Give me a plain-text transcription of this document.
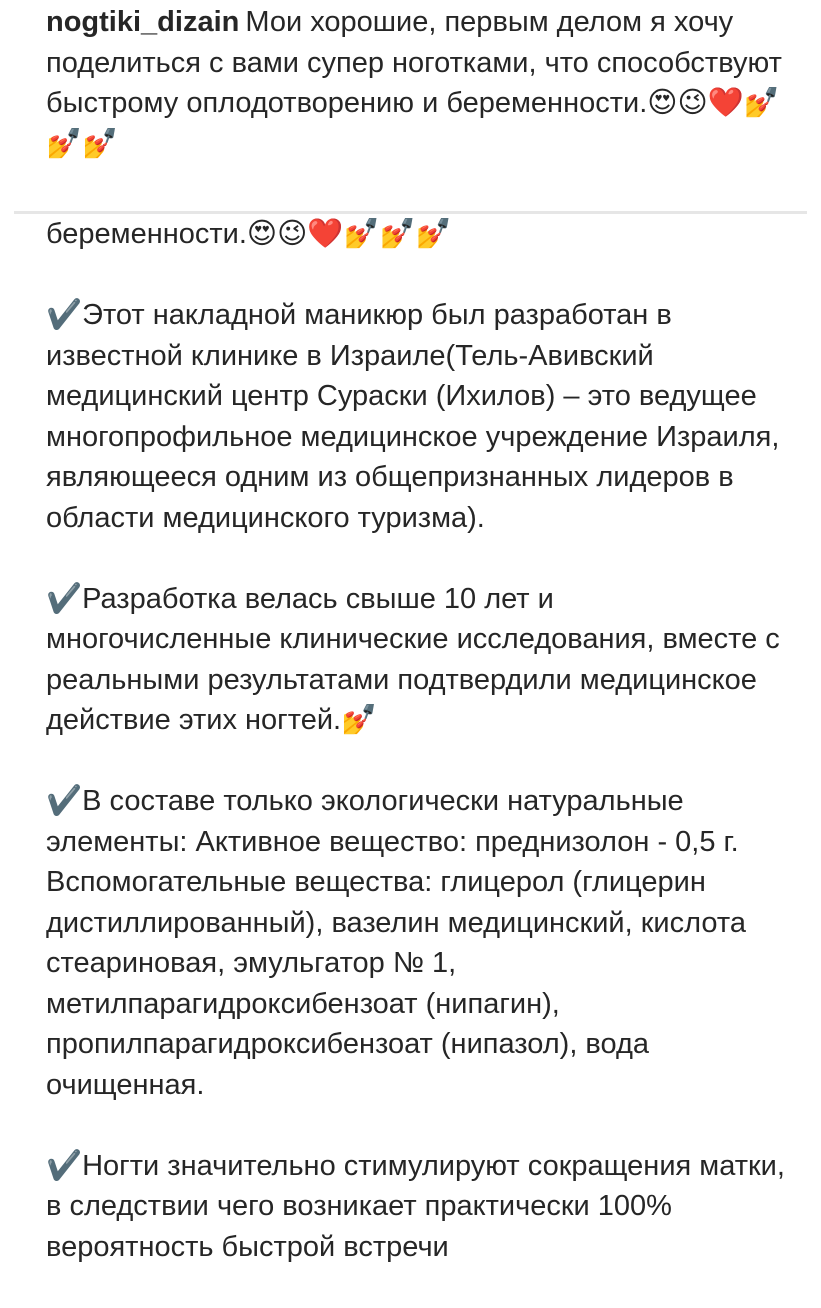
nogtiki_dizain Мои хорошие, первым делом я хочу поделиться с вами супер ноготками, что способствуют быстрому оплодотворению и беременности.😍😉❤️💅💅💅

беременности.😍😉❤️💅💅💅

✔️Этот накладной маникюр был разработан в известной клинике в Израиле(Тель-Авивский медицинский центр Сураски (Ихилов) – это ведущее многопрофильное медицинское учреждение Израиля, являющееся одним из общепризнанных лидеров в области медицинского туризма).

✔️Разработка велась свыше 10 лет и многочисленные клинические исследования, вместе с реальными результатами подтвердили медицинское действие этих ногтей.💅

✔️В составе только экологически натуральные элементы: Активное вещество: преднизолон - 0,5 г. Вспомогательные вещества: глицерол (глицерин дистиллированный), вазелин медицинский, кислота стеариновая, эмульгатор № 1, метилпарагидроксибензоат (нипагин), пропилпарагидроксибензоат (нипазол), вода очищенная.

✔️Ногти значительно стимулируют сокращения матки, в следствии чего возникает практически 100% вероятность быстрой встречи
